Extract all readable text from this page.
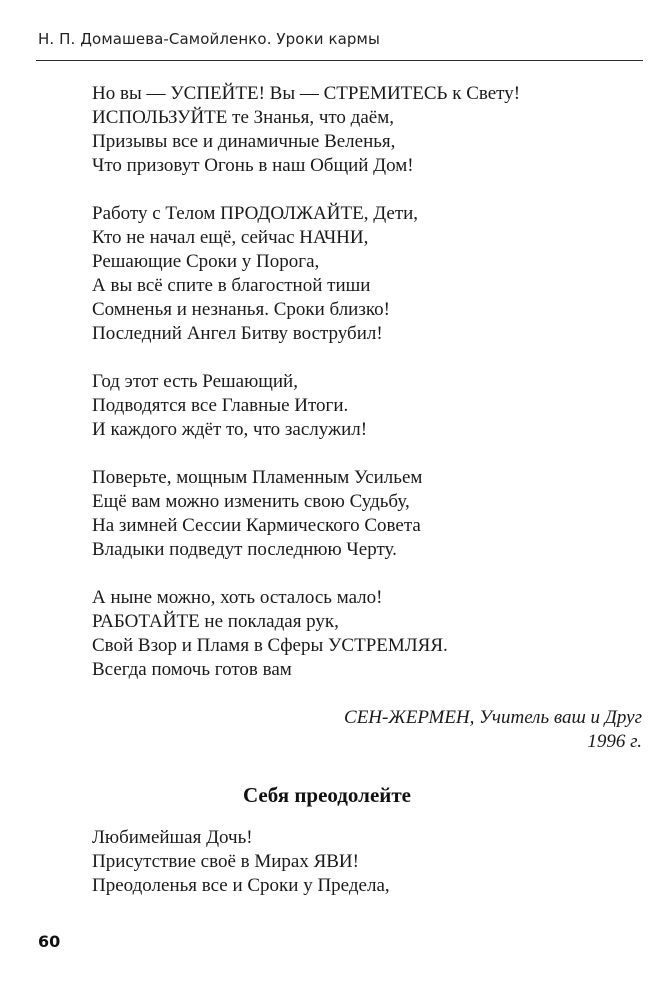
Н. П. Домашева-Самойленко. Уроки кармы
Но вы — УСПЕЙТЕ! Вы — СТРЕМИТЕСЬ к Свету!
ИСПОЛЬЗУЙТЕ те Знанья, что даём,
Призывы все и динамичные Веленья,
Что призовут Огонь в наш Общий Дом!
Работу с Телом ПРОДОЛЖАЙТЕ, Дети,
Кто не начал ещё, сейчас НАЧНИ,
Решающие Сроки у Порога,
А вы всё спите в благостной тиши
Сомненья и незнанья. Сроки близко!
Последний Ангел Битву вострубил!
Год этот есть Решающий,
Подводятся все Главные Итоги.
И каждого ждёт то, что заслужил!
Поверьте, мощным Пламенным Усильем
Ещё вам можно изменить свою Судьбу,
На зимней Сессии Кармического Совета
Владыки подведут последнюю Черту.
А ныне можно, хоть осталось мало!
РАБОТАЙТЕ не покладая рук,
Свой Взор и Пламя в Сферы УСТРЕМЛЯЯ.
Всегда помочь готов вам
СЕН-ЖЕРМЕН, Учитель ваш и Друг
1996 г.
Себя преодолейте
Любимейшая Дочь!
Присутствие своё в Мирах ЯВИ!
Преодоленья все и Сроки у Предела,
60
